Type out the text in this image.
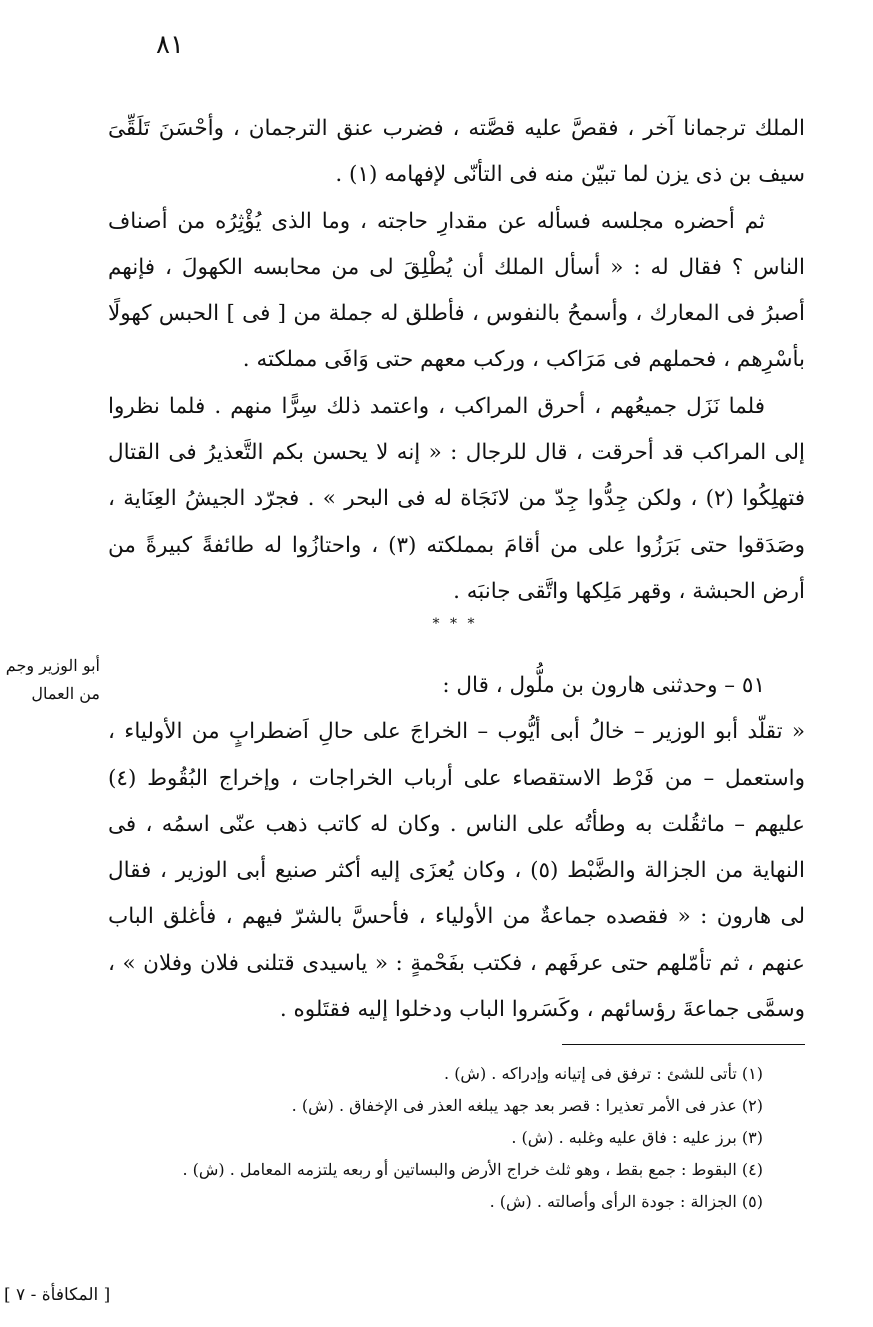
٨١

الملك ترجمانا آخر ، فقصَّ عليه قصَّته ، فضرب عنق الترجمان ، وأحْسَنَ تَلَقِّىَ سيف بن ذى يزن لما تبيّن منه فى التأنّى لإفهامه (١) .

ثم أحضره مجلسه فسأله عن مقدارِ حاجته ، وما الذى يُؤْثِرُه من أصناف الناس ؟ فقال له : « أسأل الملك أن يُطْلِقَ لى من محابسه الكهولَ ، فإنهم أصبرُ فى المعارك ، وأسمحُ بالنفوس ، فأطلق له جملة من [ فى ] الحبس كهولًا بأسْرِهم ، فحملهم فى مَرَاكب ، وركب معهم حتى وَافَى مملكته .

فلما نَزَل جميعُهم ، أحرق المراكب ، واعتمد ذلك سِرًّا منهم . فلما نظروا إلى المراكب قد أحرقت ، قال للرجال : « إنه لا يحسن بكم التَّعذيرُ فى القتال فتهلِكُوا (٢) ، ولكن جِدُّوا جِدّ من لانَجَاة له فى البحر » . فجرّد الجيشُ العِنَاية ، وصَدَقوا حتى بَرَزُوا على من أقامَ بمملكته (٣) ، واحتازُوا له طائفةً كبيرةً من أرض الحبشة ، وقهر مَلِكها واتَّقى جانبَه .

* * *
أبو الوزير وجم
من العمال	٥١ – وحدثنى هارون بن ملُّول ، قال :

« تقلّد أبو الوزير – خالُ أبى أيُّوب – الخراجَ على حالِ اَضطرابٍ من الأولياء ، واستعمل – من فَرْط الاستقصاء على أرباب الخراجات ، وإخراج البُقُوط (٤) عليهم – ماثقُلت به وطأتُه على الناس . وكان له كاتب ذهب عنّى اسمُه ، فى النهاية من الجزالة والضَّبْط (٥) ، وكان يُعزَى إليه أكثر صنيع أبى الوزير ، فقال لى هارون : « فقصده جماعةٌ من الأولياء ، فأحسَّ بالشرّ فيهم ، فأغلق الباب عنهم ، ثم تأمّلهم حتى عرفَهم ، فكتب بفَحْمةٍ : « ياسيدى قتلنى فلان وفلان » ، وسمَّى جماعةَ رؤسائهم ، وكَسَروا الباب ودخلوا إليه فقتَلوه .

(١) تأتى للشئ : ترفق فى إتيانه وإدراكه . (ش) .
(٢) عذر فى الأمر تعذيرا : قصر بعد جهد يبلغه العذر فى الإخفاق . (ش) .
(٣) برز عليه : فاق عليه وغلبه . (ش) .
(٤) البقوط : جمع بقط ، وهو ثلث خراج الأرض والبساتين أو ربعه يلتزمه المعامل . (ش) .
(٥) الجزالة : جودة الرأى وأصالته . (ش) .
[ المكافأة - ٧ ]
